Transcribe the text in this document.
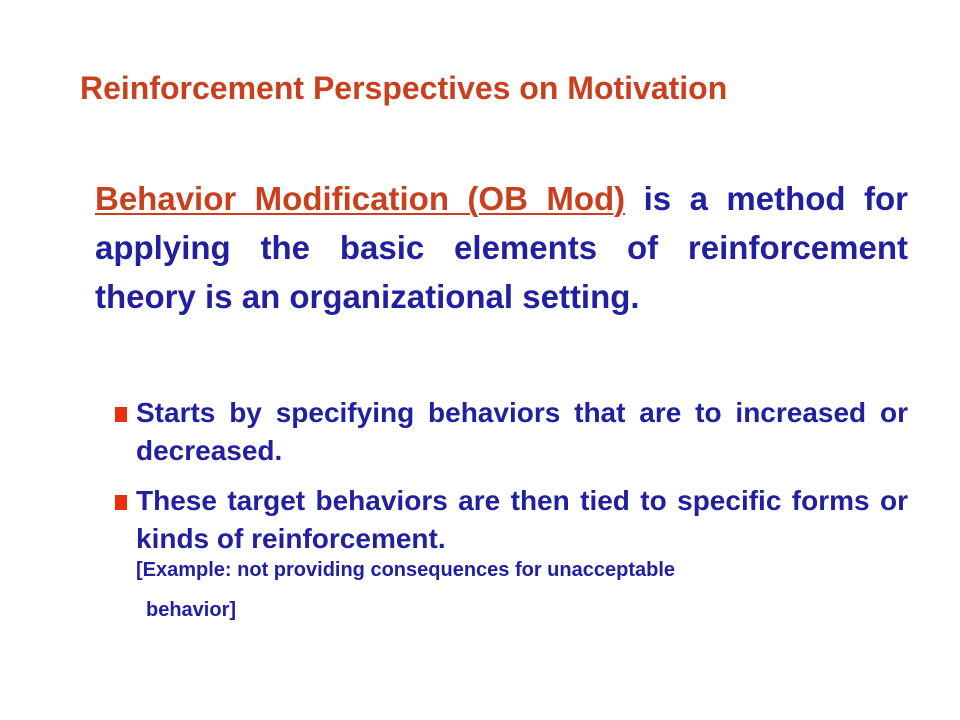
Reinforcement Perspectives on Motivation
Behavior Modification (OB Mod) is a method for applying the basic elements of reinforcement theory is an organizational setting.
Starts by specifying behaviors that are to increased or decreased.
These target behaviors are then tied to specific forms or kinds of reinforcement.
[Example: not providing consequences for unacceptable
behavior]
